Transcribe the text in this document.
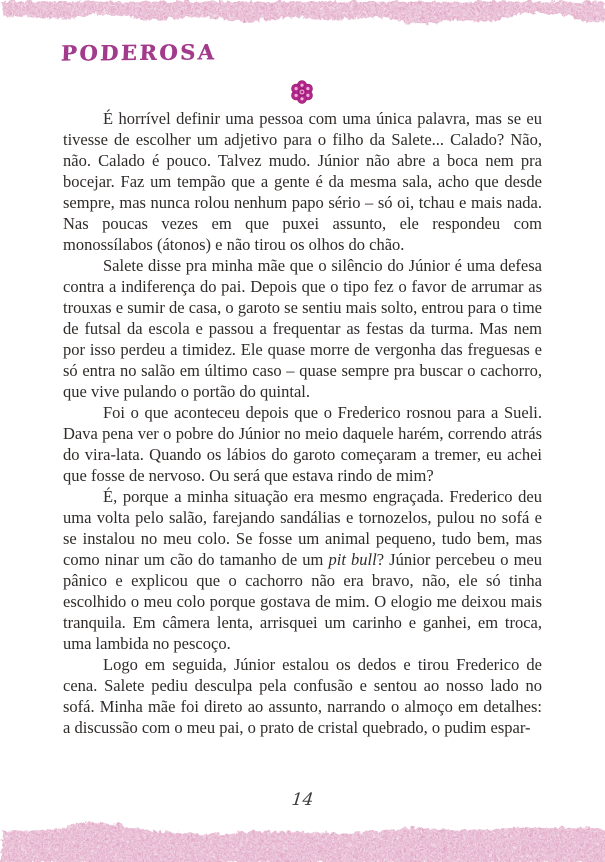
PODEROSA

É horrível definir uma pessoa com uma única palavra, mas se eu tivesse de escolher um adjetivo para o filho da Salete... Calado? Não, não. Calado é pouco. Talvez mudo. Júnior não abre a boca nem pra bocejar. Faz um tempão que a gente é da mesma sala, acho que desde sempre, mas nunca rolou nenhum papo sério – só oi, tchau e mais nada. Nas poucas vezes em que puxei assunto, ele respondeu com monossílabos (átonos) e não tirou os olhos do chão.

Salete disse pra minha mãe que o silêncio do Júnior é uma defesa contra a indiferença do pai. Depois que o tipo fez o favor de arrumar as trouxas e sumir de casa, o garoto se sentiu mais solto, entrou para o time de futsal da escola e passou a frequentar as festas da turma. Mas nem por isso perdeu a timidez. Ele quase morre de vergonha das freguesas e só entra no salão em último caso – quase sempre pra buscar o cachorro, que vive pulando o portão do quintal.

Foi o que aconteceu depois que o Frederico rosnou para a Sueli. Dava pena ver o pobre do Júnior no meio daquele harém, correndo atrás do vira-lata. Quando os lábios do garoto começaram a tremer, eu achei que fosse de nervoso. Ou será que estava rindo de mim?

É, porque a minha situação era mesmo engraçada. Frederico deu uma volta pelo salão, farejando sandálias e tornozelos, pulou no sofá e se instalou no meu colo. Se fosse um animal pequeno, tudo bem, mas como ninar um cão do tamanho de um pit bull? Júnior percebeu o meu pânico e explicou que o cachorro não era bravo, não, ele só tinha escolhido o meu colo porque gostava de mim. O elogio me deixou mais tranquila. Em câmera lenta, arrisquei um carinho e ganhei, em troca, uma lambida no pescoço.

Logo em seguida, Júnior estalou os dedos e tirou Frederico de cena. Salete pediu desculpa pela confusão e sentou ao nosso lado no sofá. Minha mãe foi direto ao assunto, narrando o almoço em detalhes: a discussão com o meu pai, o prato de cristal quebrado, o pudim espar-

14
